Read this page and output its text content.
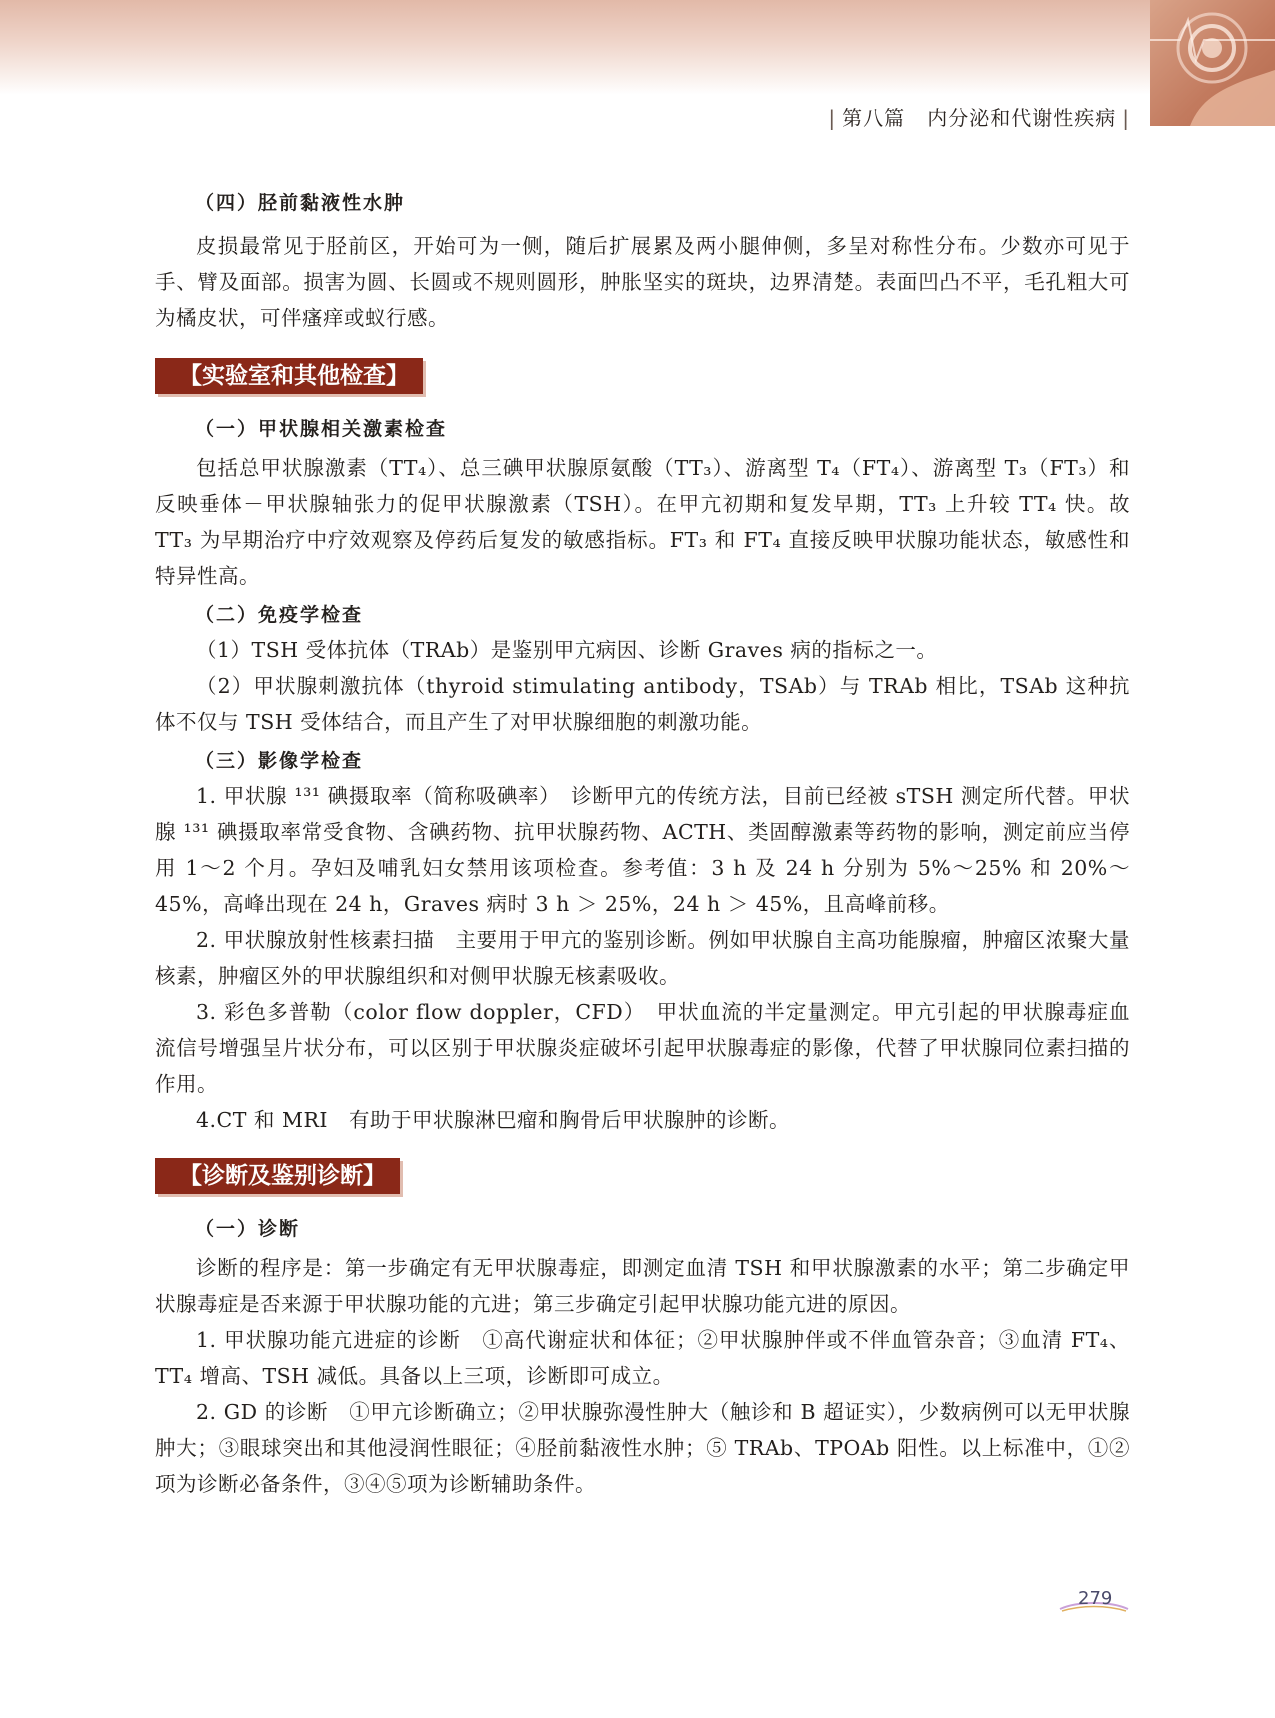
| 第八篇 内分泌和代谢性疾病 |
（四）胫前黏液性水肿

皮损最常见于胫前区，开始可为一侧，随后扩展累及两小腿伸侧，多呈对称性分布。少数亦可见于手、臂及面部。损害为圆、长圆或不规则圆形，肿胀坚实的斑块，边界清楚。表面凹凸不平，毛孔粗大可为橘皮状，可伴瘙痒或蚁行感。

【实验室和其他检查】
（一）甲状腺相关激素检查

包括总甲状腺激素（TT₄）、总三碘甲状腺原氨酸（TT₃）、游离型 T₄（FT₄）、游离型 T₃（FT₃）和反映垂体－甲状腺轴张力的促甲状腺激素（TSH）。在甲亢初期和复发早期，TT₃ 上升较 TT₄ 快。故 TT₃ 为早期治疗中疗效观察及停药后复发的敏感指标。FT₃ 和 FT₄ 直接反映甲状腺功能状态，敏感性和特异性高。

（二）免疫学检查

（1）TSH 受体抗体（TRAb）是鉴别甲亢病因、诊断 Graves 病的指标之一。

（2）甲状腺刺激抗体（thyroid stimulating antibody，TSAb）与 TRAb 相比，TSAb 这种抗体不仅与 TSH 受体结合，而且产生了对甲状腺细胞的刺激功能。

（三）影像学检查

1. 甲状腺 ¹³¹ 碘摄取率（简称吸碘率）　诊断甲亢的传统方法，目前已经被 sTSH 测定所代替。甲状腺 ¹³¹ 碘摄取率常受食物、含碘药物、抗甲状腺药物、ACTH、类固醇激素等药物的影响，测定前应当停用 1～2 个月。孕妇及哺乳妇女禁用该项检查。参考值：3 h 及 24 h 分别为 5%～25% 和 20%～45%，高峰出现在 24 h，Graves 病时 3 h ＞ 25%，24 h ＞ 45%，且高峰前移。

2. 甲状腺放射性核素扫描　主要用于甲亢的鉴别诊断。例如甲状腺自主高功能腺瘤，肿瘤区浓聚大量核素，肿瘤区外的甲状腺组织和对侧甲状腺无核素吸收。

3. 彩色多普勒（color flow doppler，CFD）　甲状血流的半定量测定。甲亢引起的甲状腺毒症血流信号增强呈片状分布，可以区别于甲状腺炎症破坏引起甲状腺毒症的影像，代替了甲状腺同位素扫描的作用。

4.CT 和 MRI　有助于甲状腺淋巴瘤和胸骨后甲状腺肿的诊断。

【诊断及鉴别诊断】
（一）诊断

诊断的程序是：第一步确定有无甲状腺毒症，即测定血清 TSH 和甲状腺激素的水平；第二步确定甲状腺毒症是否来源于甲状腺功能的亢进；第三步确定引起甲状腺功能亢进的原因。

1. 甲状腺功能亢进症的诊断　①高代谢症状和体征；②甲状腺肿伴或不伴血管杂音；③血清 FT₄、TT₄ 增高、TSH 减低。具备以上三项，诊断即可成立。

2. GD 的诊断　①甲亢诊断确立；②甲状腺弥漫性肿大（触诊和 B 超证实），少数病例可以无甲状腺肿大；③眼球突出和其他浸润性眼征；④胫前黏液性水肿；⑤ TRAb、TPOAb 阳性。以上标准中，①②项为诊断必备条件，③④⑤项为诊断辅助条件。

279
